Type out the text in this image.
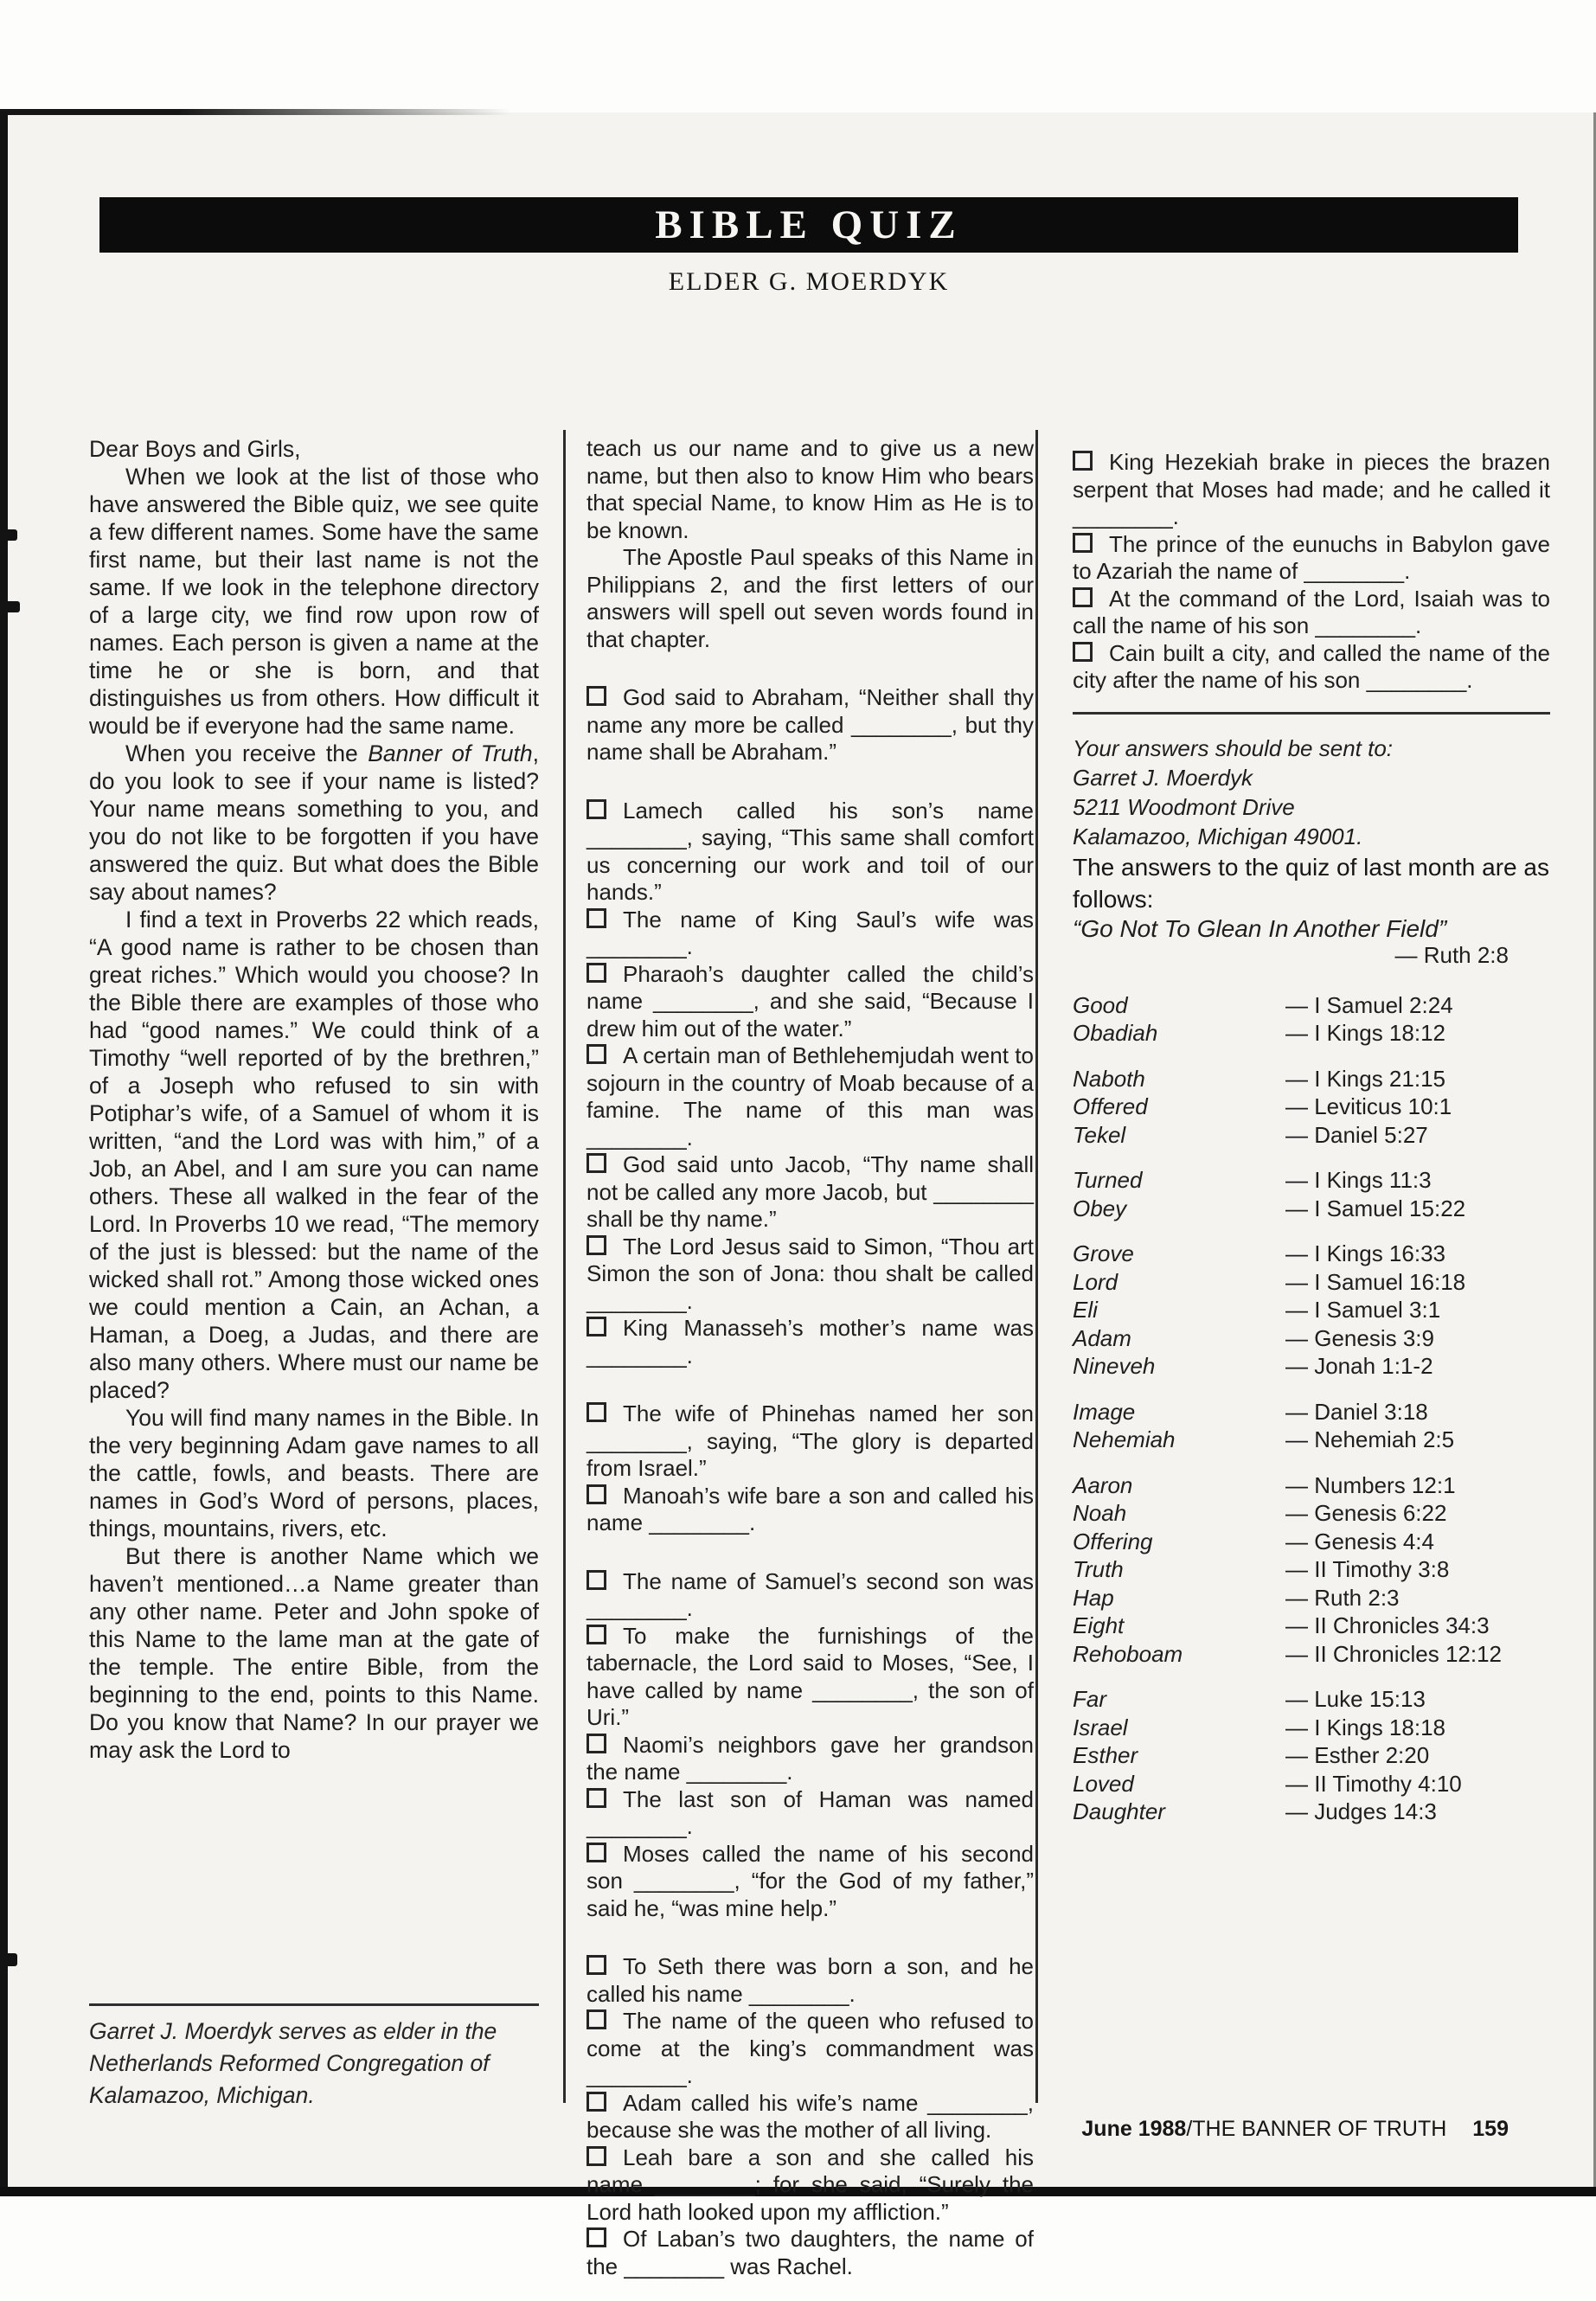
BIBLE QUIZ
ELDER G. MOERDYK

Dear Boys and Girls,

When we look at the list of those who have answered the Bible quiz, we see quite a few different names. Some have the same first name, but their last name is not the same. If we look in the telephone directory of a large city, we find row upon row of names. Each person is given a name at the time he or she is born, and that distinguishes us from others. How difficult it would be if everyone had the same name.

When you receive the Banner of Truth, do you look to see if your name is listed? Your name means something to you, and you do not like to be forgotten if you have answered the quiz. But what does the Bible say about names?

I find a text in Proverbs 22 which reads, “A good name is rather to be chosen than great riches.” Which would you choose? In the Bible there are examples of those who had “good names.” We could think of a Timothy “well reported of by the brethren,” of a Joseph who refused to sin with Potiphar’s wife, of a Samuel of whom it is written, “and the Lord was with him,” of a Job, an Abel, and I am sure you can name others. These all walked in the fear of the Lord. In Proverbs 10 we read, “The memory of the just is blessed: but the name of the wicked shall rot.” Among those wicked ones we could mention a Cain, an Achan, a Haman, a Doeg, a Judas, and there are also many others. Where must our name be placed?

You will find many names in the Bible. In the very beginning Adam gave names to all the cattle, fowls, and beasts. There are names in God’s Word of persons, places, things, mountains, rivers, etc.

But there is another Name which we haven’t mentioned…a Name greater than any other name. Peter and John spoke of this Name to the lame man at the gate of the temple. The entire Bible, from the beginning to the end, points to this Name. Do you know that Name? In our prayer we may ask the Lord to

Garret J. Moerdyk serves as elder in the Netherlands Reformed Congregation of Kalamazoo, Michigan.

teach us our name and to give us a new name, but then also to know Him who bears that special Name, to know Him as He is to be known.

The Apostle Paul speaks of this Name in Philippians 2, and the first letters of our answers will spell out seven words found in that chapter.

God said to Abraham, “Neither shall thy name any more be called ________, but thy name shall be Abraham.”

Lamech called his son’s name ________, saying, “This same shall comfort us concerning our work and toil of our hands.”

The name of King Saul’s wife was ________.

Pharaoh’s daughter called the child’s name ________, and she said, “Because I drew him out of the water.”

A certain man of Bethlehemjudah went to sojourn in the country of Moab because of a famine. The name of this man was ________.

God said unto Jacob, “Thy name shall not be called any more Jacob, but ________ shall be thy name.”

The Lord Jesus said to Simon, “Thou art Simon the son of Jona: thou shalt be called ________.

King Manasseh’s mother’s name was ________.

The wife of Phinehas named her son ________, saying, “The glory is departed from Israel.”

Manoah’s wife bare a son and called his name ________.

The name of Samuel’s second son was ________.

To make the furnishings of the tabernacle, the Lord said to Moses, “See, I have called by name ________, the son of Uri.”

Naomi’s neighbors gave her grandson the name ________.

The last son of Haman was named ________.

Moses called the name of his second son ________, “for the God of my father,” said he, “was mine help.”

To Seth there was born a son, and he called his name ________.

The name of the queen who refused to come at the king’s commandment was ________.

Adam called his wife’s name ________, because she was the mother of all living.

Leah bare a son and she called his name ________; for she said, “Surely the Lord hath looked upon my affliction.”

Of Laban’s two daughters, the name of the ________ was Rachel.

King Hezekiah brake in pieces the brazen serpent that Moses had made; and he called it ________.

The prince of the eunuchs in Babylon gave to Azariah the name of ________.

At the command of the Lord, Isaiah was to call the name of his son ________.

Cain built a city, and called the name of the city after the name of his son ________.

Your answers should be sent to:

Garret J. Moerdyk

5211 Woodmont Drive

Kalamazoo, Michigan 49001.

The answers to the quiz of last month are as follows:

“Go Not To Glean In Another Field”

— Ruth 2:8

Good	— I Samuel 2:24
Obadiah	— I Kings 18:12
Naboth	— I Kings 21:15
Offered	— Leviticus 10:1
Tekel	— Daniel 5:27
Turned	— I Kings 11:3
Obey	— I Samuel 15:22
Grove	— I Kings 16:33
Lord	— I Samuel 16:18
Eli	— I Samuel 3:1
Adam	— Genesis 3:9
Nineveh	— Jonah 1:1-2
Image	— Daniel 3:18
Nehemiah	— Nehemiah 2:5
Aaron	— Numbers 12:1
Noah	— Genesis 6:22
Offering	— Genesis 4:4
Truth	— II Timothy 3:8
Hap	— Ruth 2:3
Eight	— II Chronicles 34:3
Rehoboam	— II Chronicles 12:12
Far	— Luke 15:13
Israel	— I Kings 18:18
Esther	— Esther 2:20
Loved	— II Timothy 4:10
Daughter	— Judges 14:3
June 1988/THE BANNER OF TRUTH 159
